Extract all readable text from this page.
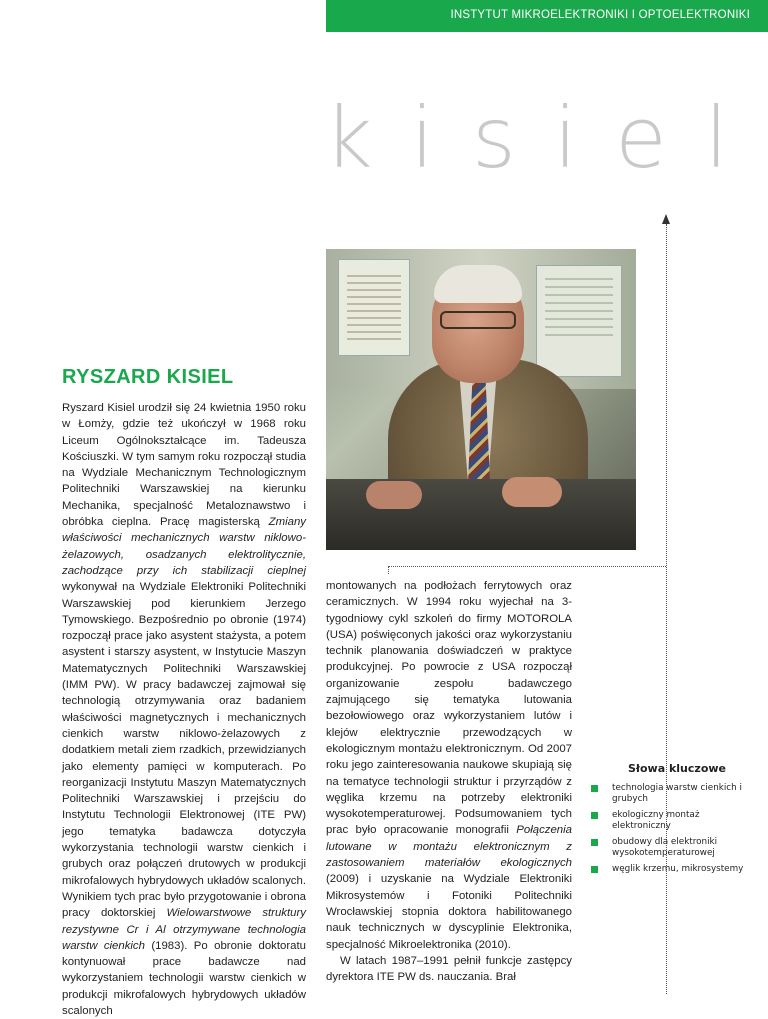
INSTYTUT MIKROELEKTRONIKI I OPTOELEKTRONIKI
kisiel
RYSZARD KISIEL

Ryszard Kisiel urodził się 24 kwietnia 1950 roku w Łomży, gdzie też ukończył w 1968 roku Liceum Ogólnokształcące im. Tadeusza Kościuszki. W tym samym roku rozpoczął studia na Wydziale Mechanicznym Technologicznym Politechniki Warszawskiej na kierunku Mechanika, specjalność Metaloznawstwo i obróbka cieplna. Pracę magisterską Zmiany właściwości mechanicznych warstw niklowo-żelazowych, osadzanych elektrolitycznie, zachodzące przy ich stabilizacji cieplnej wykonywał na Wydziale Elektroniki Politechniki Warszawskiej pod kierunkiem Jerzego Tymowskiego. Bezpośrednio po obronie (1974) rozpoczął prace jako asystent stażysta, a potem asystent i starszy asystent, w Instytucie Maszyn Matematycznych Politechniki Warszawskiej (IMM PW). W pracy badawczej zajmował się technologią otrzymywania oraz badaniem właściwości magnetycznych i mechanicznych cienkich warstw niklowo-żelazowych z dodatkiem metali ziem rzadkich, przewidzianych jako elementy pamięci w komputerach. Po reorganizacji Instytutu Maszyn Matematycznych Politechniki Warszawskiej i przejściu do Instytutu Technologii Elektronowej (ITE PW) jego tematyka badawcza dotyczyła wykorzystania technologii warstw cienkich i grubych oraz połączeń drutowych w produkcji mikrofalowych hybrydowych układów scalonych. Wynikiem tych prac było przygotowanie i obrona pracy doktorskiej Wielowarstwowe struktury rezystywne Cr i Al otrzymywane technologia warstw cienkich (1983). Po obronie doktoratu kontynuował prace badawcze nad wykorzystaniem technologii warstw cienkich w produkcji mikrofalowych hybrydowych układów scalonych

montowanych na podłożach ferrytowych oraz ceramicznych. W 1994 roku wyjechał na 3-tygodniowy cykl szkoleń do firmy MOTOROLA (USA) poświęconych jakości oraz wykorzystaniu technik planowania doświadczeń w praktyce produkcyjnej. Po powrocie z USA rozpoczął organizowanie zespołu badawczego zajmującego się tematyka lutowania bezołowiowego oraz wykorzystaniem lutów i klejów elektrycznie przewodzących w ekologicznym montażu elektronicznym. Od 2007 roku jego zainteresowania naukowe skupiają się na tematyce technologii struktur i przyrządów z węglika krzemu na potrzeby elektroniki wysokotemperaturowej. Podsumowaniem tych prac było opracowanie monografii Połączenia lutowane w montażu elektronicznym z zastosowaniem materiałów ekologicznych (2009) i uzyskanie na Wydziale Elektroniki Mikrosystemów i Fotoniki Politechniki Wrocławskiej stopnia doktora habilitowanego nauk technicznych w dyscyplinie Elektronika, specjalność Mikroelektronika (2010).

W latach 1987–1991 pełnił funkcje zastępcy dyrektora ITE PW ds. nauczania. Brał

Słowa kluczowe
technologia warstw cienkich i grubych
ekologiczny montaż elektroniczny
obudowy dla elektroniki wysokotemperaturowej
węglik krzemu, mikrosystemy
